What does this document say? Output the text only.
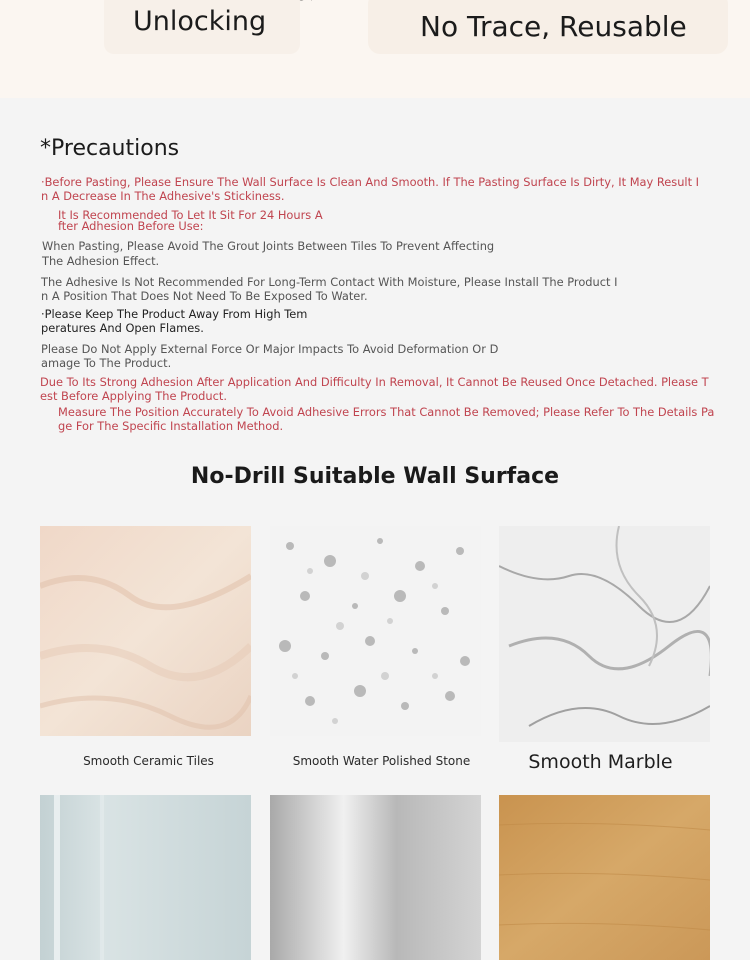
Unlocking	No Trace, Reusable
*Precautions
·Before Pasting, Please Ensure The Wall Surface Is Clean And Smooth. If The Pasting Surface Is Dirty, It May Result I
n A Decrease In The Adhesive's Stickiness.
It Is Recommended To Let It Sit For 24 Hours A
fter Adhesion Before Use:
When Pasting, Please Avoid The Grout Joints Between Tiles To Prevent Affecting
The Adhesion Effect.
The Adhesive Is Not Recommended For Long-Term Contact With Moisture, Please Install The Product I
n A Position That Does Not Need To Be Exposed To Water.
·Please Keep The Product Away From High Tem
peratures And Open Flames.
Please Do Not Apply External Force Or Major Impacts To Avoid Deformation Or D
amage To The Product.
Due To Its Strong Adhesion After Application And Difficulty In Removal, It Cannot Be Reused Once Detached. Please T
est Before Applying The Product.
Measure The Position Accurately To Avoid Adhesive Errors That Cannot Be Removed; Please Refer To The Details Pa
ge For The Specific Installation Method.
No-Drill Suitable Wall Surface
Smooth Ceramic Tiles	Smooth Water Polished Stone	Smooth Marble
